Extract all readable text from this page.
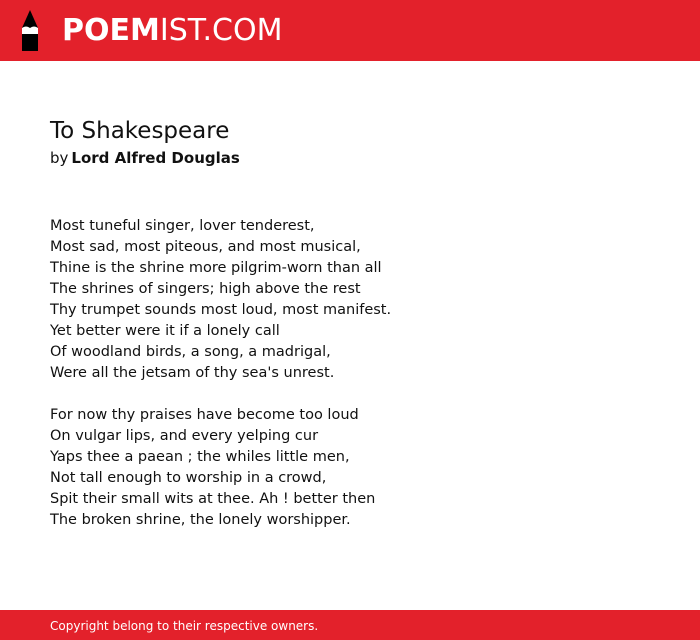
POEM IST.COM
To Shakespeare
by Lord Alfred Douglas
Most tuneful singer, lover tenderest,
Most sad, most piteous, and most musical,
Thine is the shrine more pilgrim-worn than all
The shrines of singers; high above the rest
Thy trumpet sounds most loud, most manifest.
Yet better were it if a lonely call
Of woodland birds, a song, a madrigal,
Were all the jetsam of thy sea's unrest.
For now thy praises have become too loud
On vulgar lips, and every yelping cur
Yaps thee a paean ; the whiles little men,
Not tall enough to worship in a crowd,
Spit their small wits at thee. Ah ! better then
The broken shrine, the lonely worshipper.
Copyright belong to their respective owners.
